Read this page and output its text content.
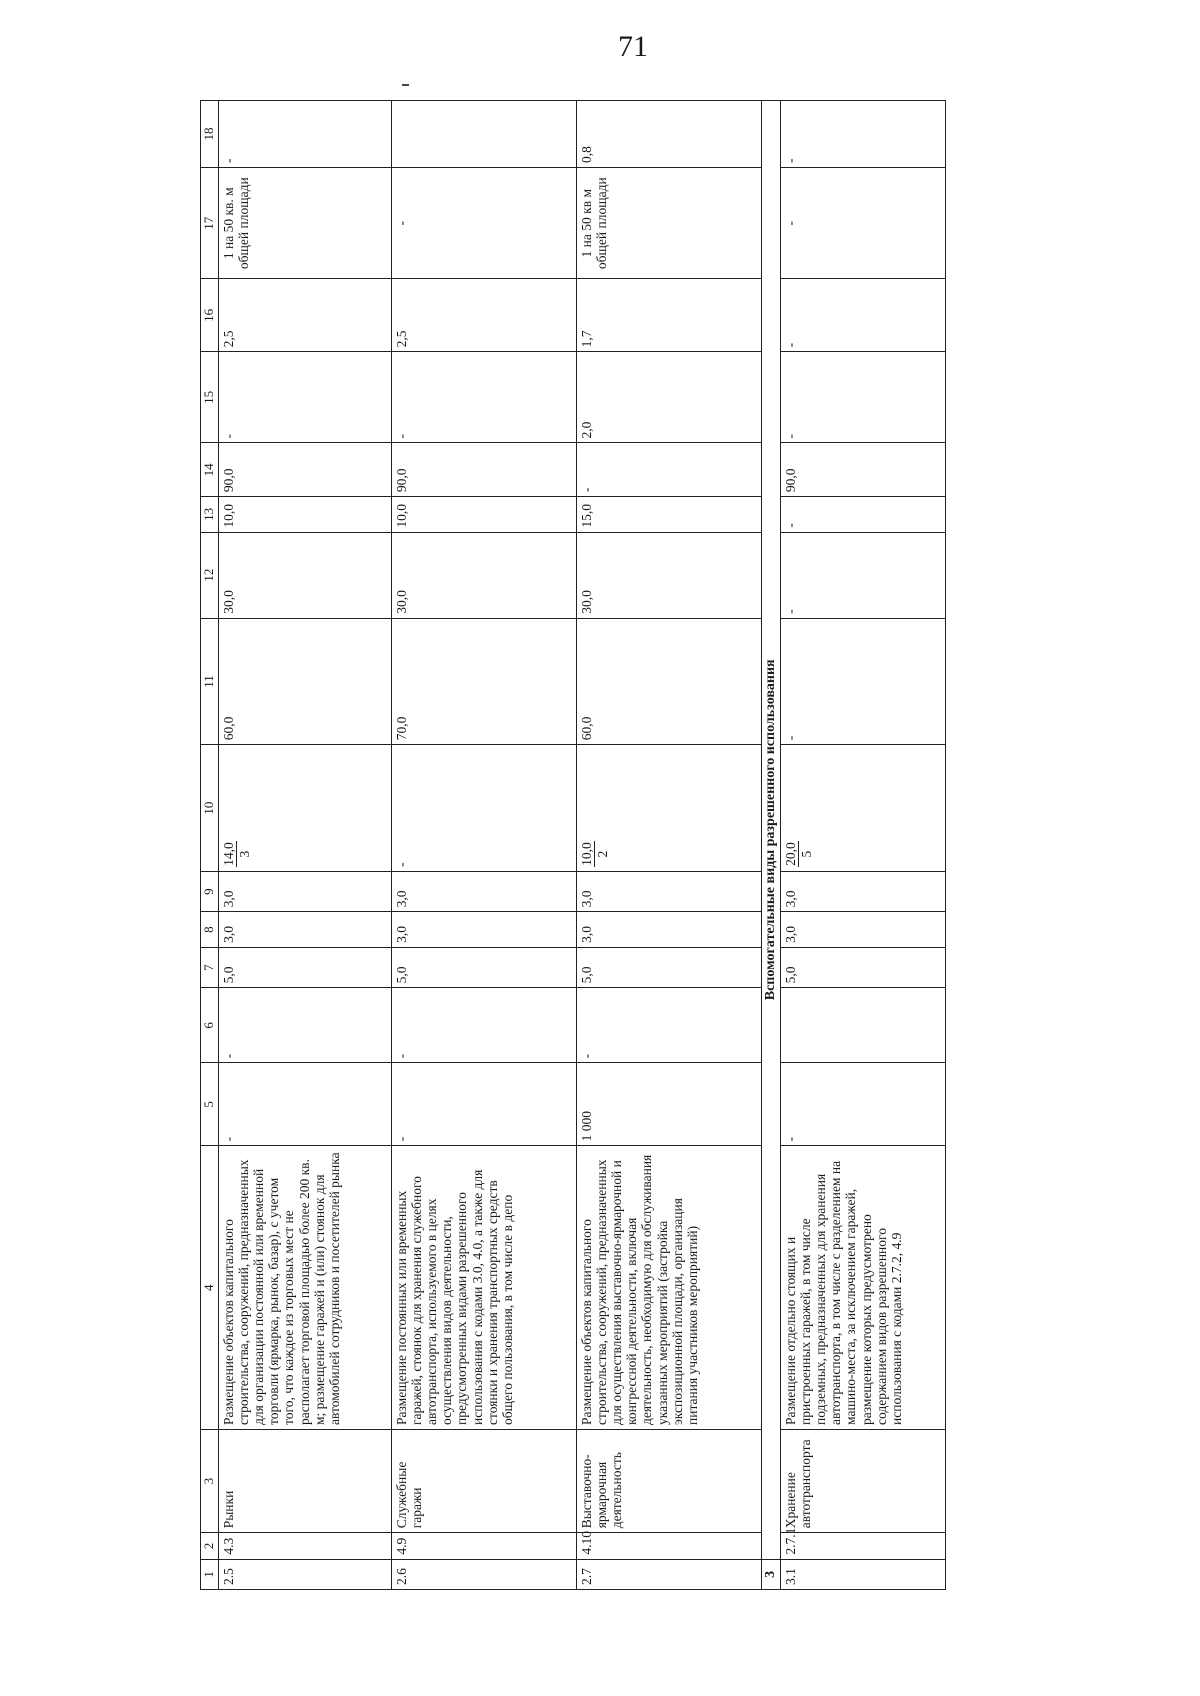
71
1	2	3	4	5	6	7	8	9	10	11	12	13	14	15	16	17	18
2.5	4.3	Рынки	Размещение объектов капитального строительства, сооружений, предназначенных для организации постоянной или временной торговли (ярмарка, рынок, базар), с учетом того, что каждое из торговых мест не располагает торговой площадью более 200 кв. м; размещение гаражей и (или) стоянок для автомобилей сотрудников и посетителей рынка	-	-	5,0	3,0	3,0	14,0 3	60,0	30,0	10,0	90,0	-	2,5	1 на 50 кв. м общей площади	-
2.6	4.9	Служебные гаражи	Размещение постоянных или временных гаражей, стоянок для хранения служебного автотранспорта, используемого в целях осуществления видов деятельности, предусмотренных видами разрешенного использования с кодами 3.0, 4.0, а также для стоянки и хранения транспортных средств общего пользования, в том числе в депо	-	-	5,0	3,0	3,0	-	70,0	30,0	10,0	90,0	-	2,5	-	
2.7	4.10	Выставочно-ярмарочная деятельность	Размещение объектов капитального строительства, сооружений, предназначенных для осуществления выставочно-ярмарочной и конгрессной деятельности, включая деятельность, необходимую для обслуживания указанных мероприятий (застройка экспозиционной площади, организация питания участников мероприятий)	1 000	-	5,0	3,0	3,0	10,0 2	60,0	30,0	15,0	-	2,0	1,7	1 на 50 кв м общей площади	0,8
3	Вспомогательные виды разрешенного использования																
3.1	2.7.1	Хранение автотранспорта	Размещение отдельно стоящих и пристроенных гаражей, в том числе подземных, предназначенных для хранения автотранспорта, в том числе с разделением на машино-места, за исключением гаражей, размещение которых предусмотрено содержанием видов разрешенного использования с кодами 2.7.2, 4.9	-		5,0	3,0	3,0	20,0 5	-	-	-	90,0	-	-	-	-
